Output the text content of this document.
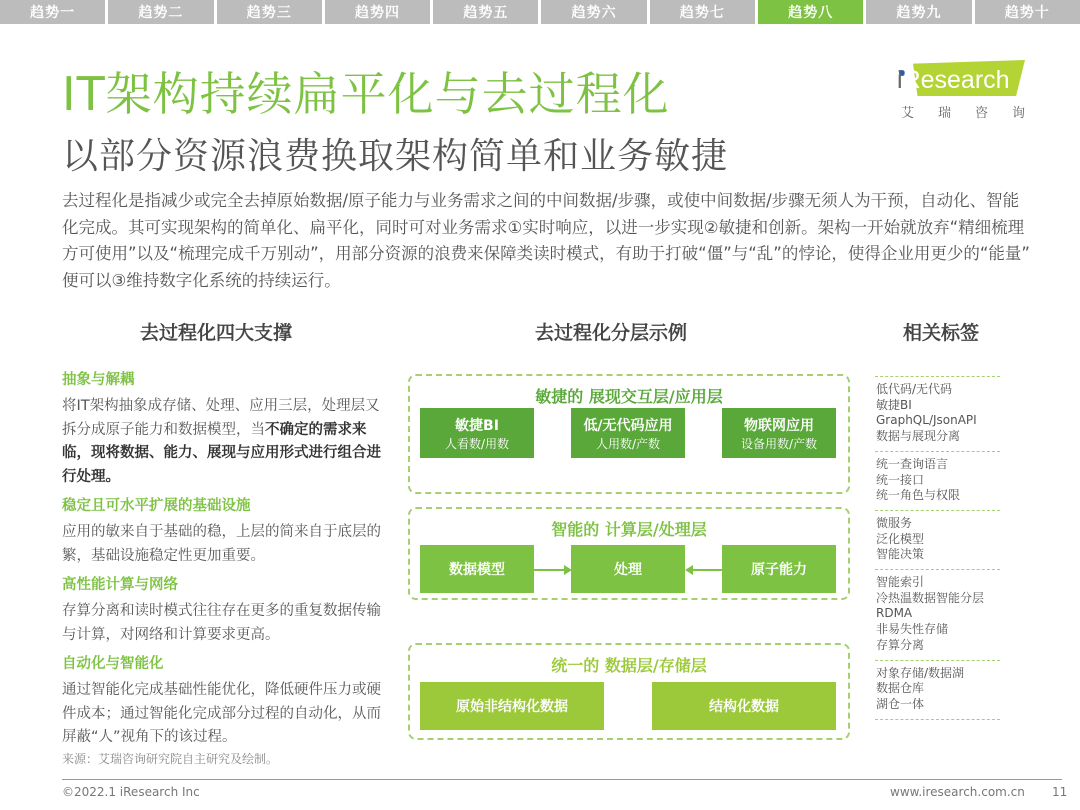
趋势一	趋势二	趋势三	趋势四	趋势五	趋势六	趋势七	趋势八	趋势九	趋势十
IT架构持续扁平化与去过程化
以部分资源浪费换取架构简单和业务敏捷
iResearch
艾 瑞 咨 询
去过程化是指减少或完全去掉原始数据/原子能力与业务需求之间的中间数据/步骤，或使中间数据/步骤无须人为干预，自动化、智能化完成。其可实现架构的简单化、扁平化，同时可对业务需求①实时响应，以进一步实现②敏捷和创新。架构一开始就放弃“精细梳理方可使用”以及“梳理完成千万别动”，用部分资源的浪费来保障类读时模式，有助于打破“僵”与“乱”的悖论，使得企业用更少的“能量” 便可以③维持数字化系统的持续运行。
去过程化四大支撑	去过程化分层示例	相关标签
抽象与解耦
将IT架构抽象成存储、处理、应用三层，处理层又拆分成原子能力和数据模型，当不确定的需求来临，现将数据、能力、展现与应用形式进行组合进行处理。
稳定且可水平扩展的基础设施
应用的敏来自于基础的稳，上层的简来自于底层的繁，基础设施稳定性更加重要。
高性能计算与网络
存算分离和读时模式往往存在更多的重复数据传输与计算，对网络和计算要求更高。
自动化与智能化
通过智能化完成基础性能优化，降低硬件压力或硬件成本；通过智能化完成部分过程的自动化，从而屏蔽“人”视角下的该过程。
来源：艾瑞咨询研究院自主研究及绘制。
敏捷的 展现交互层/应用层
敏捷BI
人看数/用数
低/无代码应用
人用数/产数
物联网应用
设备用数/产数
智能的 计算层/处理层
数据模型	处理	原子能力
统一的 数据层/存储层
原始非结构化数据	结构化数据
低代码/无代码
敏捷BI
GraphQL/JsonAPI
数据与展现分离
统一查询语言
统一接口
统一角色与权限
微服务
泛化模型
智能决策
智能索引
冷热温数据智能分层
RDMA
非易失性存储
存算分离
对象存储/数据湖
数据仓库
湖仓一体
©2022.1 iResearch Inc	www.iresearch.com.cn 11
